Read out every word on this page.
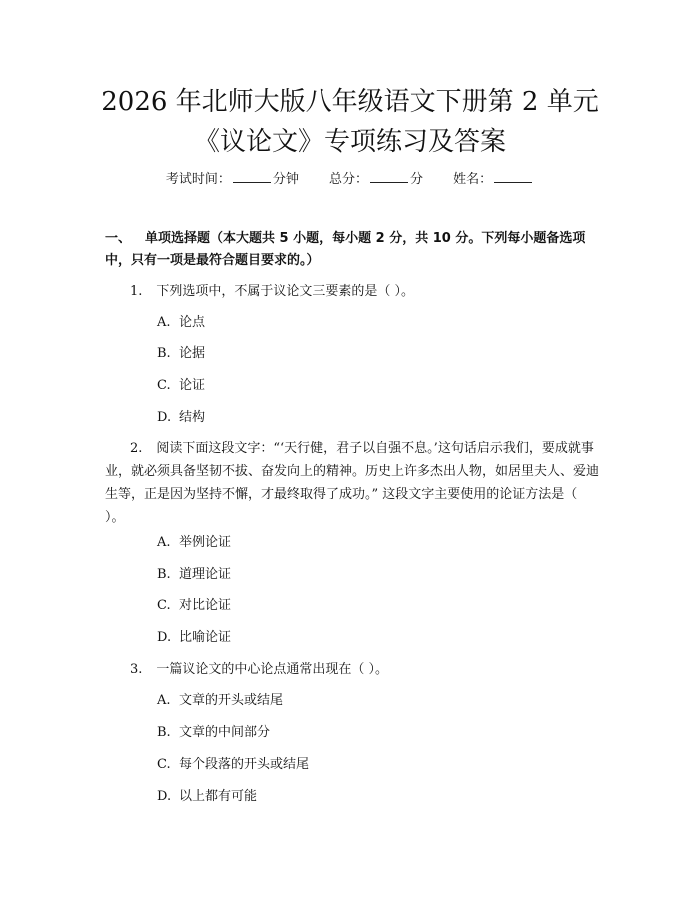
2026 年北师大版八年级语文下册第 2 单元
《议论文》专项练习及答案
考试时间：	分钟 总分：	分 姓名：
一、 单项选择题（本大题共 5 小题，每小题 2 分，共 10 分。下列每小题备选项中，只有一项是最符合题目要求的。）
1. 下列选项中，不属于议论文三要素的是（ ）。
A. 论点
B. 论据
C. 论证
D. 结构
2. 阅读下面这段文字：“‘天行健，君子以自强不息。’这句话启示我们，要成就事业，就必须具备坚韧不拔、奋发向上的精神。历史上许多杰出人物，如居里夫人、爱迪生等，正是因为坚持不懈，才最终取得了成功。” 这段文字主要使用的论证方法是（ ）。
A. 举例论证
B. 道理论证
C. 对比论证
D. 比喻论证
3. 一篇议论文的中心论点通常出现在（ ）。
A. 文章的开头或结尾
B. 文章的中间部分
C. 每个段落的开头或结尾
D. 以上都有可能
